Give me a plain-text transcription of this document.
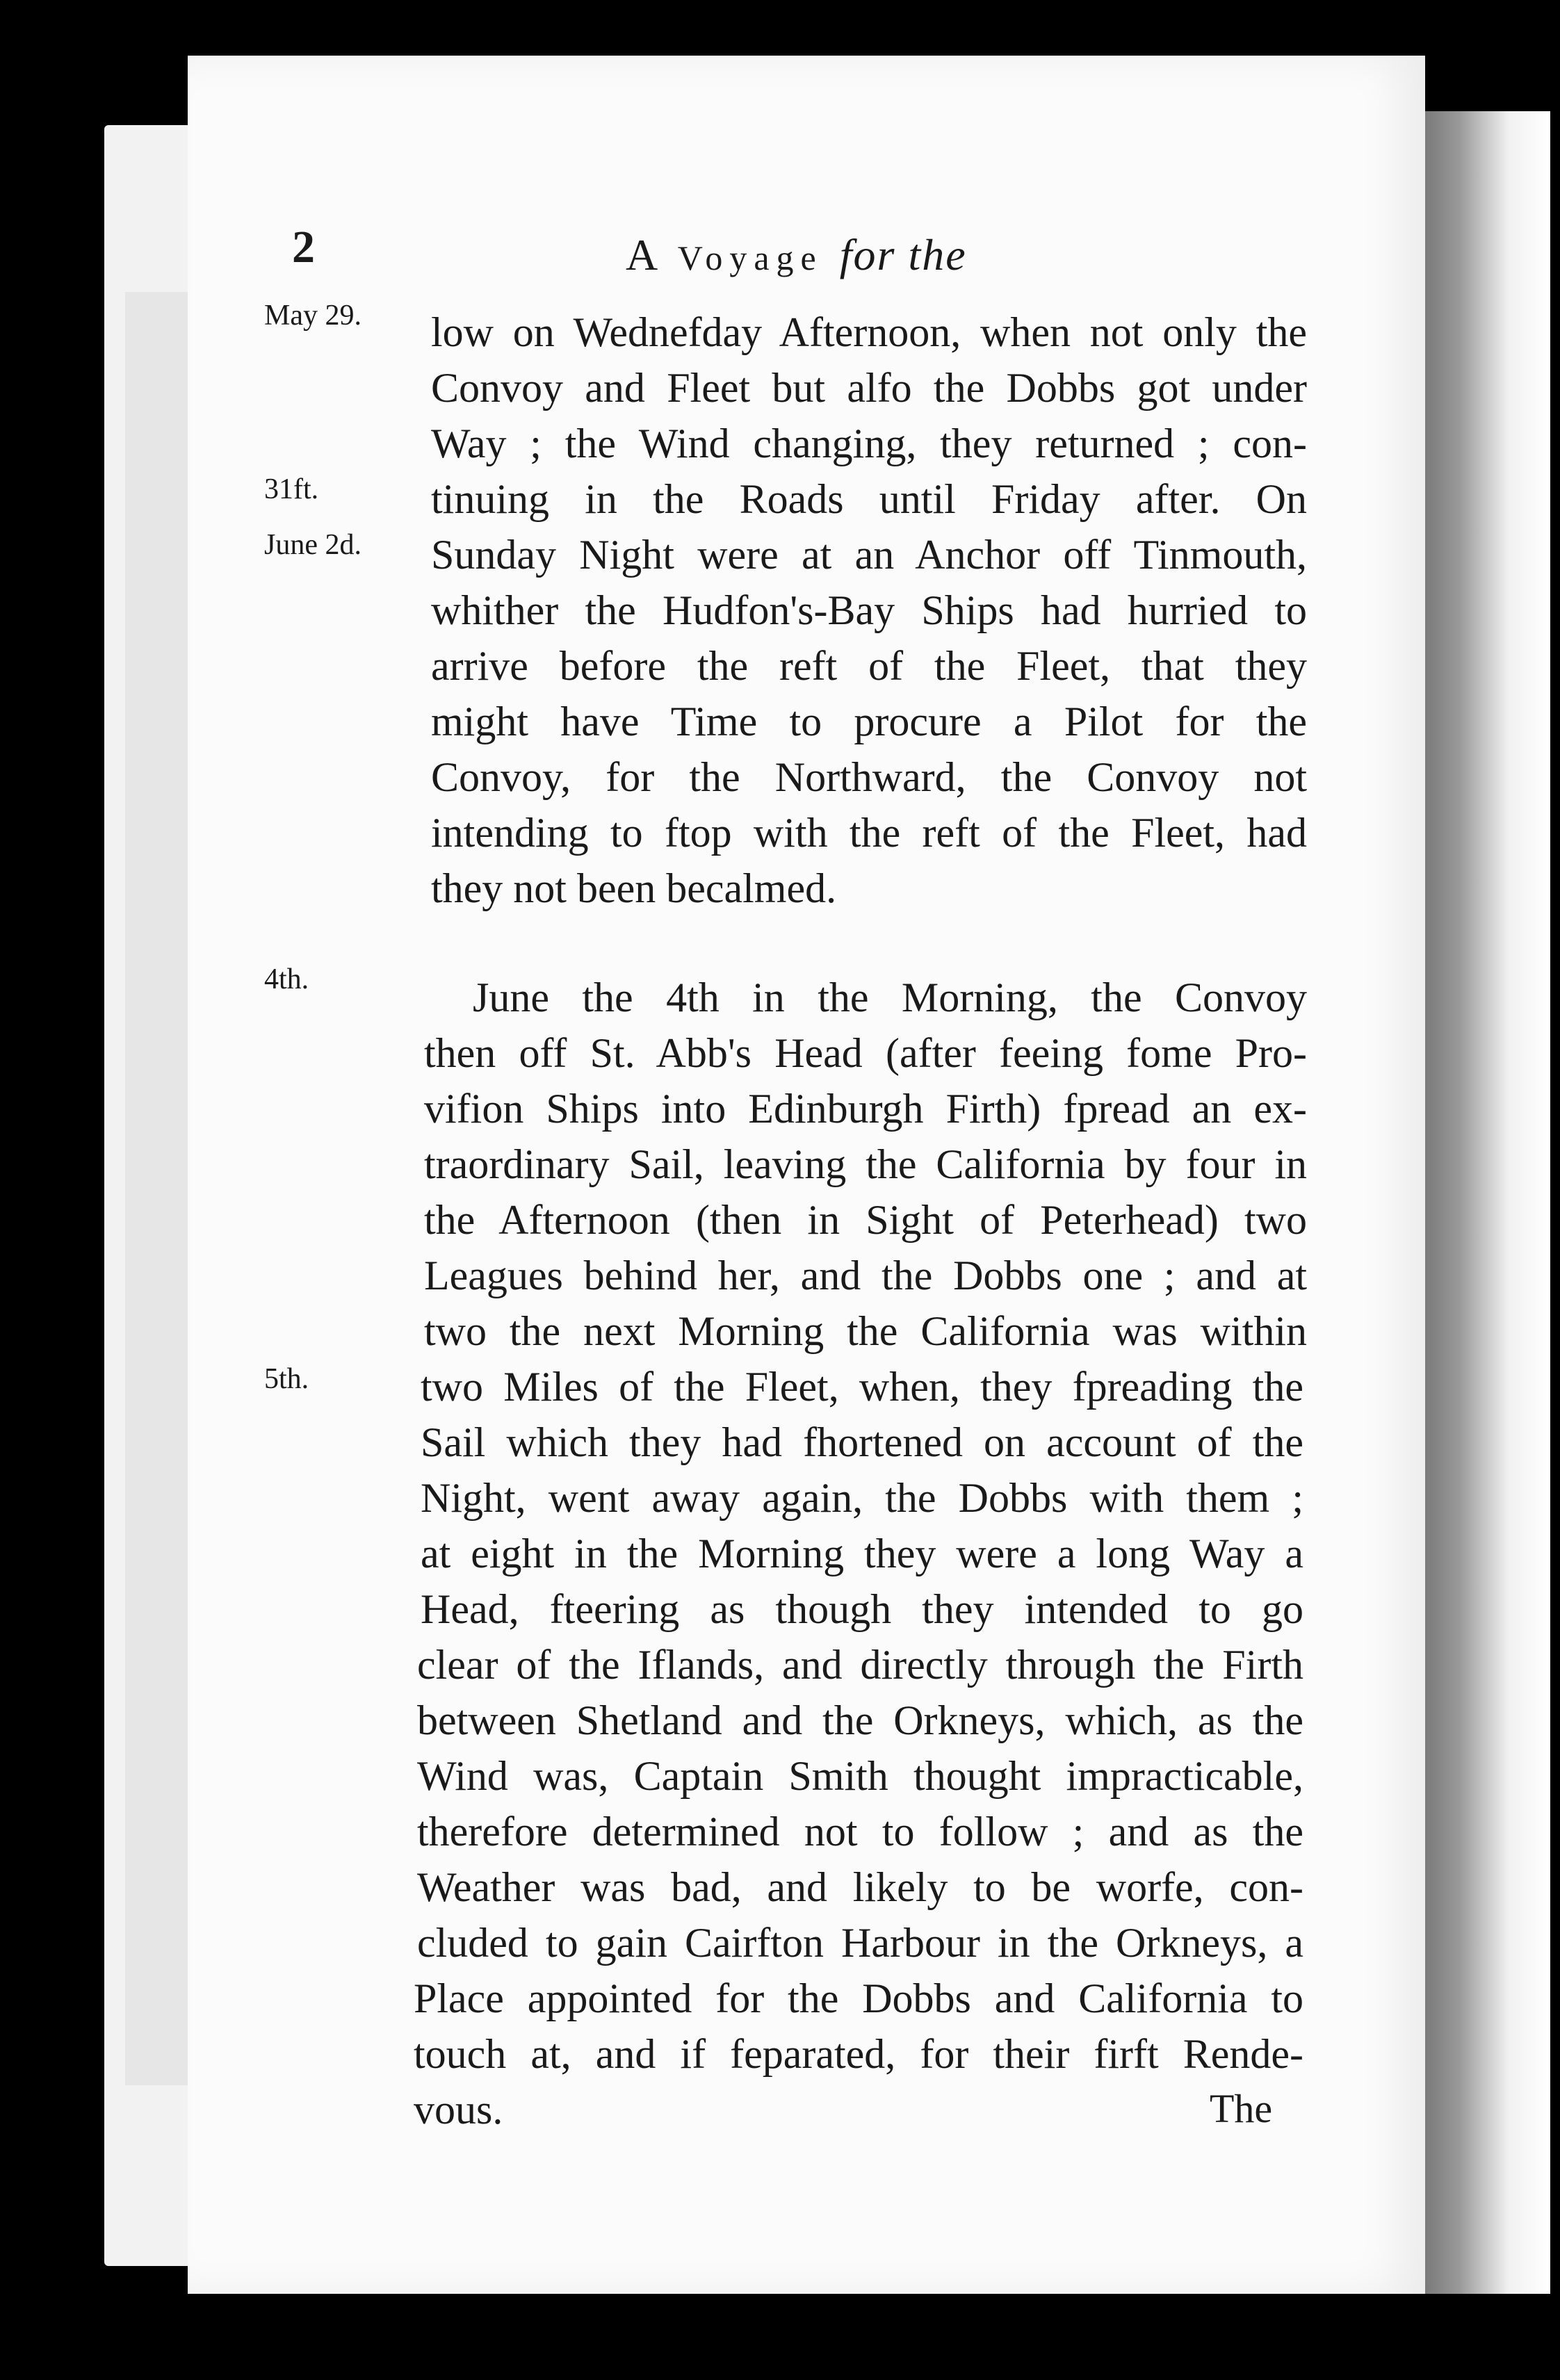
2	A Voyage for the
May 29.
31ft.
June 2d.
4th.
5th.
low on Wednefday Afternoon, when not only the
Convoy and Fleet but alfo the Dobbs got under
Way ; the Wind changing, they returned ; con-
tinuing in the Roads until Friday after. On
Sunday Night were at an Anchor off Tinmouth,
whither the Hudfon's-Bay Ships had hurried to
arrive before the reft of the Fleet, that they
might have Time to procure a Pilot for the
Convoy, for the Northward, the Convoy not
intending to ftop with the reft of the Fleet, had
they not been becalmed.
June the 4th in the Morning, the Convoy
then off St. Abb's Head (after feeing fome Pro-
vifion Ships into Edinburgh Firth) fpread an ex-
traordinary Sail, leaving the California by four in
the Afternoon (then in Sight of Peterhead) two
Leagues behind her, and the Dobbs one ; and at
two the next Morning the California was within
two Miles of the Fleet, when, they fpreading the
Sail which they had fhortened on account of the
Night, went away again, the Dobbs with them ;
at eight in the Morning they were a long Way a
Head, fteering as though they intended to go
clear of the Iflands, and directly through the Firth
between Shetland and the Orkneys, which, as the
Wind was, Captain Smith thought impracticable,
therefore determined not to follow ; and as the
Weather was bad, and likely to be worfe, con-
cluded to gain Cairfton Harbour in the Orkneys, a
Place appointed for the Dobbs and California to
touch at, and if feparated, for their firft Rende-
vous.	The
